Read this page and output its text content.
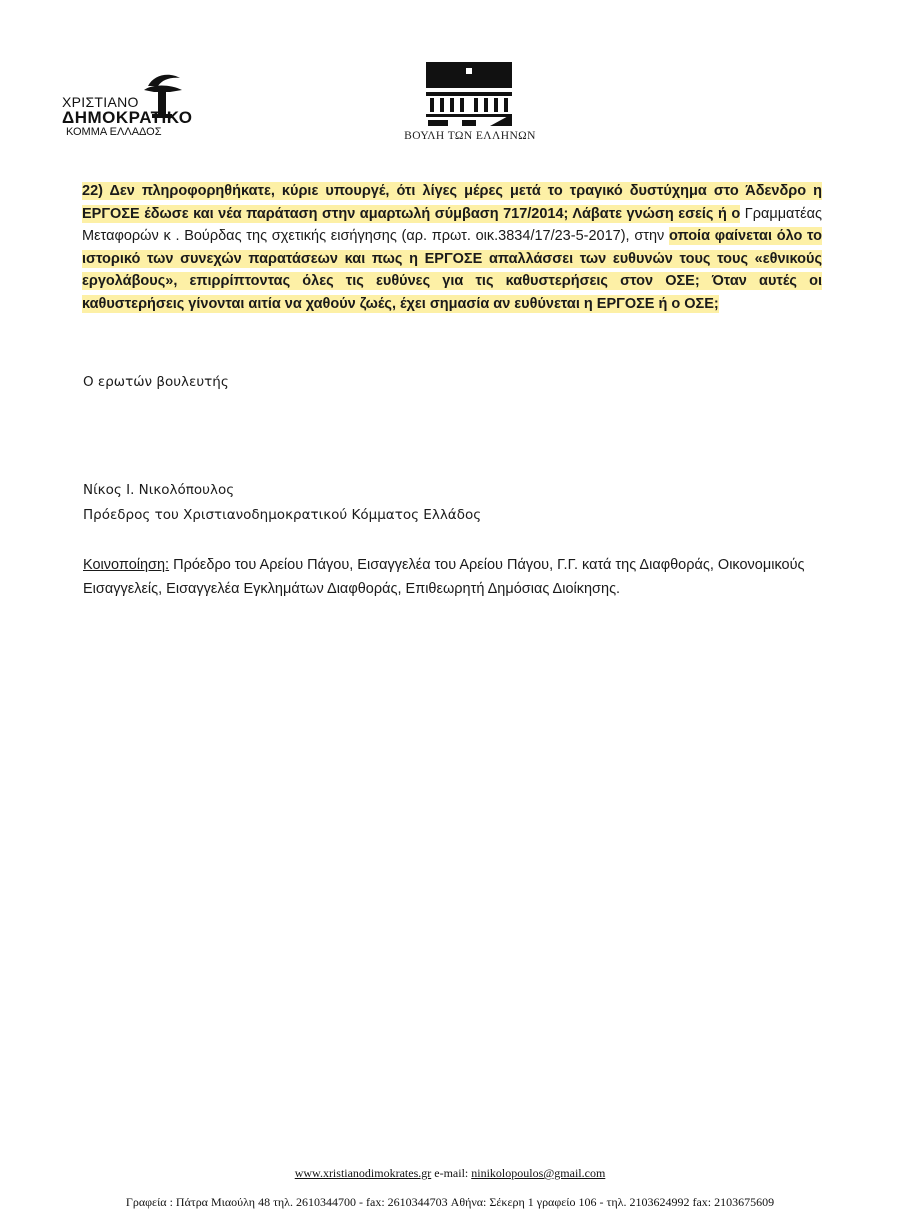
ΧΡΙΣΤΙΑΝΟ
ΔΗΜΟΚΡΑΤΙΚΟ
ΚΟΜΜΑ ΕΛΛΑΔΟΣ	ΒΟΥΛΗ ΤΩΝ ΕΛΛΗΝΩΝ
22) Δεν πληροφορηθήκατε, κύριε υπουργέ, ότι λίγες μέρες μετά το τραγικό δυστύχημα στο Άδενδρο η ΕΡΓΟΣΕ έδωσε και νέα παράταση στην αμαρτωλή σύμβαση 717/2014; Λάβατε γνώση εσείς ή ο Γραμματέας Μεταφορών κ . Βούρδας της σχετικής εισήγησης (αρ. πρωτ. οικ.3834/17/23-5-2017), στην οποία φαίνεται όλο το ιστορικό των συνεχών παρατάσεων και πως η ΕΡΓΟΣΕ απαλλάσσει των ευθυνών τους τους «εθνικούς εργολάβους», επιρρίπτοντας όλες τις ευθύνες για τις καθυστερήσεις στον ΟΣΕ; Όταν αυτές οι καθυστερήσεις γίνονται αιτία να χαθούν ζωές, έχει σημασία αν ευθύνεται η ΕΡΓΟΣΕ ή ο ΟΣΕ;
Ο ερωτών βουλευτής
Νίκος Ι. Νικολόπουλος
Πρόεδρος του Χριστιανοδημοκρατικού Κόμματος Ελλάδος
Κοινοποίηση: Πρόεδρο του Αρείου Πάγου, Εισαγγελέα του Αρείου Πάγου, Γ.Γ. κατά της Διαφθοράς, Οικονομικούς Εισαγγελείς, Εισαγγελέα Εγκλημάτων Διαφθοράς, Επιθεωρητή Δημόσιας Διοίκησης.
www.xristianodimokrates.gr e-mail: ninikolopoulos@gmail.com
Γραφεία : Πάτρα Μιαούλη 48 τηλ. 2610344700 - fax: 2610344703 Αθήνα: Σέκερη 1 γραφείο 106 - τηλ. 2103624992 fax: 2103675609
